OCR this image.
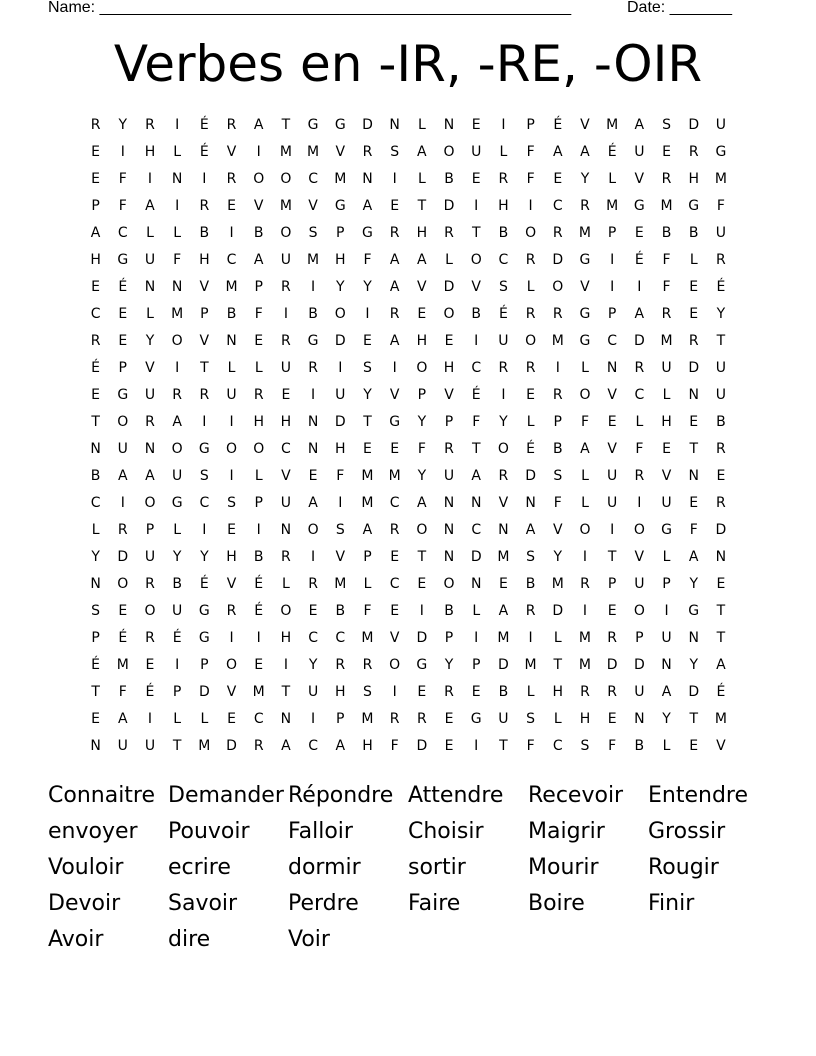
Name: _____________________________________________________	Date: _______
Verbes en -IR, -RE, -OIR
R	Y	R	I	É	R	A	T	G	G	D	N	L	N	E	I	P	É	V	M	A	S	D	U
E	I	H	L	É	V	I	M	M	V	R	S	A	O	U	L	F	A	A	É	U	E	R	G
E	F	I	N	I	R	O	O	C	M	N	I	L	B	E	R	F	E	Y	L	V	R	H	M
P	F	A	I	R	E	V	M	V	G	A	E	T	D	I	H	I	C	R	M	G	M	G	F
A	C	L	L	B	I	B	O	S	P	G	R	H	R	T	B	O	R	M	P	E	B	B	U
H	G	U	F	H	C	A	U	M	H	F	A	A	L	O	C	R	D	G	I	É	F	L	R
E	É	N	N	V	M	P	R	I	Y	Y	A	V	D	V	S	L	O	V	I	I	F	E	É
C	E	L	M	P	B	F	I	B	O	I	R	E	O	B	É	R	R	G	P	A	R	E	Y
R	E	Y	O	V	N	E	R	G	D	E	A	H	E	I	U	O	M	G	C	D	M	R	T
É	P	V	I	T	L	L	U	R	I	S	I	O	H	C	R	R	I	L	N	R	U	D	U
E	G	U	R	R	U	R	E	I	U	Y	V	P	V	É	I	E	R	O	V	C	L	N	U
T	O	R	A	I	I	H	H	N	D	T	G	Y	P	F	Y	L	P	F	E	L	H	E	B
N	U	N	O	G	O	O	C	N	H	E	E	F	R	T	O	É	B	A	V	F	E	T	R
B	A	A	U	S	I	L	V	E	F	M	M	Y	U	A	R	D	S	L	U	R	V	N	E
C	I	O	G	C	S	P	U	A	I	M	C	A	N	N	V	N	F	L	U	I	U	E	R
L	R	P	L	I	E	I	N	O	S	A	R	O	N	C	N	A	V	O	I	O	G	F	D
Y	D	U	Y	Y	H	B	R	I	V	P	E	T	N	D	M	S	Y	I	T	V	L	A	N
N	O	R	B	É	V	É	L	R	M	L	C	E	O	N	E	B	M	R	P	U	P	Y	E
S	E	O	U	G	R	É	O	E	B	F	E	I	B	L	A	R	D	I	E	O	I	G	T
P	É	R	É	G	I	I	H	C	C	M	V	D	P	I	M	I	L	M	R	P	U	N	T
É	M	E	I	P	O	E	I	Y	R	R	O	G	Y	P	D	M	T	M	D	D	N	Y	A
T	F	É	P	D	V	M	T	U	H	S	I	E	R	E	B	L	H	R	R	U	A	D	É
E	A	I	L	L	E	C	N	I	P	M	R	R	E	G	U	S	L	H	E	N	Y	T	M
N	U	U	T	M	D	R	A	C	A	H	F	D	E	I	T	F	C	S	F	B	L	E	V
Connaitre Demander Répondre Attendre	Recevoir	Entendre
envoyer	Pouvoir	Falloir	Choisir	Maigrir	Grossir
Vouloir	ecrire	dormir	sortir	Mourir	Rougir
Devoir	Savoir	Perdre	Faire	Boire	Finir
Avoir	dire	Voir
